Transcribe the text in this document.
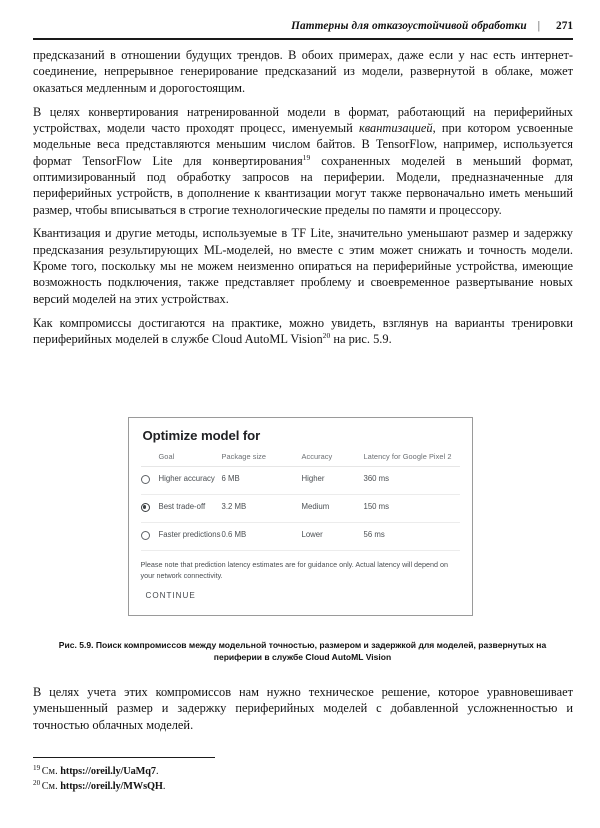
Паттерны для отказоустойчивой обработки |	271

предсказаний в отношении будущих трендов. В обоих примерах, даже если у нас есть интернет-соединение, непрерывное генерирование предсказаний из модели, развернутой в облаке, может оказаться медленным и дорогостоящим.

В целях конвертирования натренированной модели в формат, работающий на периферийных устройствах, модели часто проходят процесс, именуемый квантизацией, при котором усвоенные модельные веса представляются меньшим числом байтов. В TensorFlow, например, используется формат TensorFlow Lite для конвертирования$^{19}$ сохраненных моделей в меньший формат, оптимизированный под обработку запросов на периферии. Модели, предназначенные для периферийных устройств, в дополнение к квантизации могут также первоначально иметь меньший размер, чтобы вписываться в строгие технологические пределы по памяти и процессору.

Квантизация и другие методы, используемые в TF Lite, значительно уменьшают размер и задержку предсказания результирующих ML-моделей, но вместе с этим может снижать и точность модели. Кроме того, поскольку мы не можем неизменно опираться на периферийные устройства, имеющие возможность подключения, также представляет проблему и своевременное развертывание новых версий моделей на этих устройствах.

Как компромиссы достигаются на практике, можно увидеть, взглянув на варианты тренировки периферийных моделей в службе Cloud AutoML Vision$^{20}$ на рис. 5.9.

Optimize model for
	Goal	Package size	Accuracy	Latency for Google Pixel 2

	Higher accuracy	6 MB	Higher	360 ms

	Best trade-off	3.2 MB	Medium	150 ms

	Faster predictions	0.6 MB	Lower	56 ms

Please note that prediction latency estimates are for guidance only. Actual latency will depend on your network connectivity.

CONTINUE
Рис. 5.9. Поиск компромиссов между модельной точностью, размером и задержкой для моделей, развернутых на периферии в службе Cloud AutoML Vision

В целях учета этих компромиссов нам нужно техническое решение, которое уравновешивает уменьшенный размер и задержку периферийных моделей с добавленной усложненностью и точностью облачных моделей.

$^{19}$ См. https://oreil.ly/UaMq7.
$^{20}$ См. https://oreil.ly/MWsQH.
